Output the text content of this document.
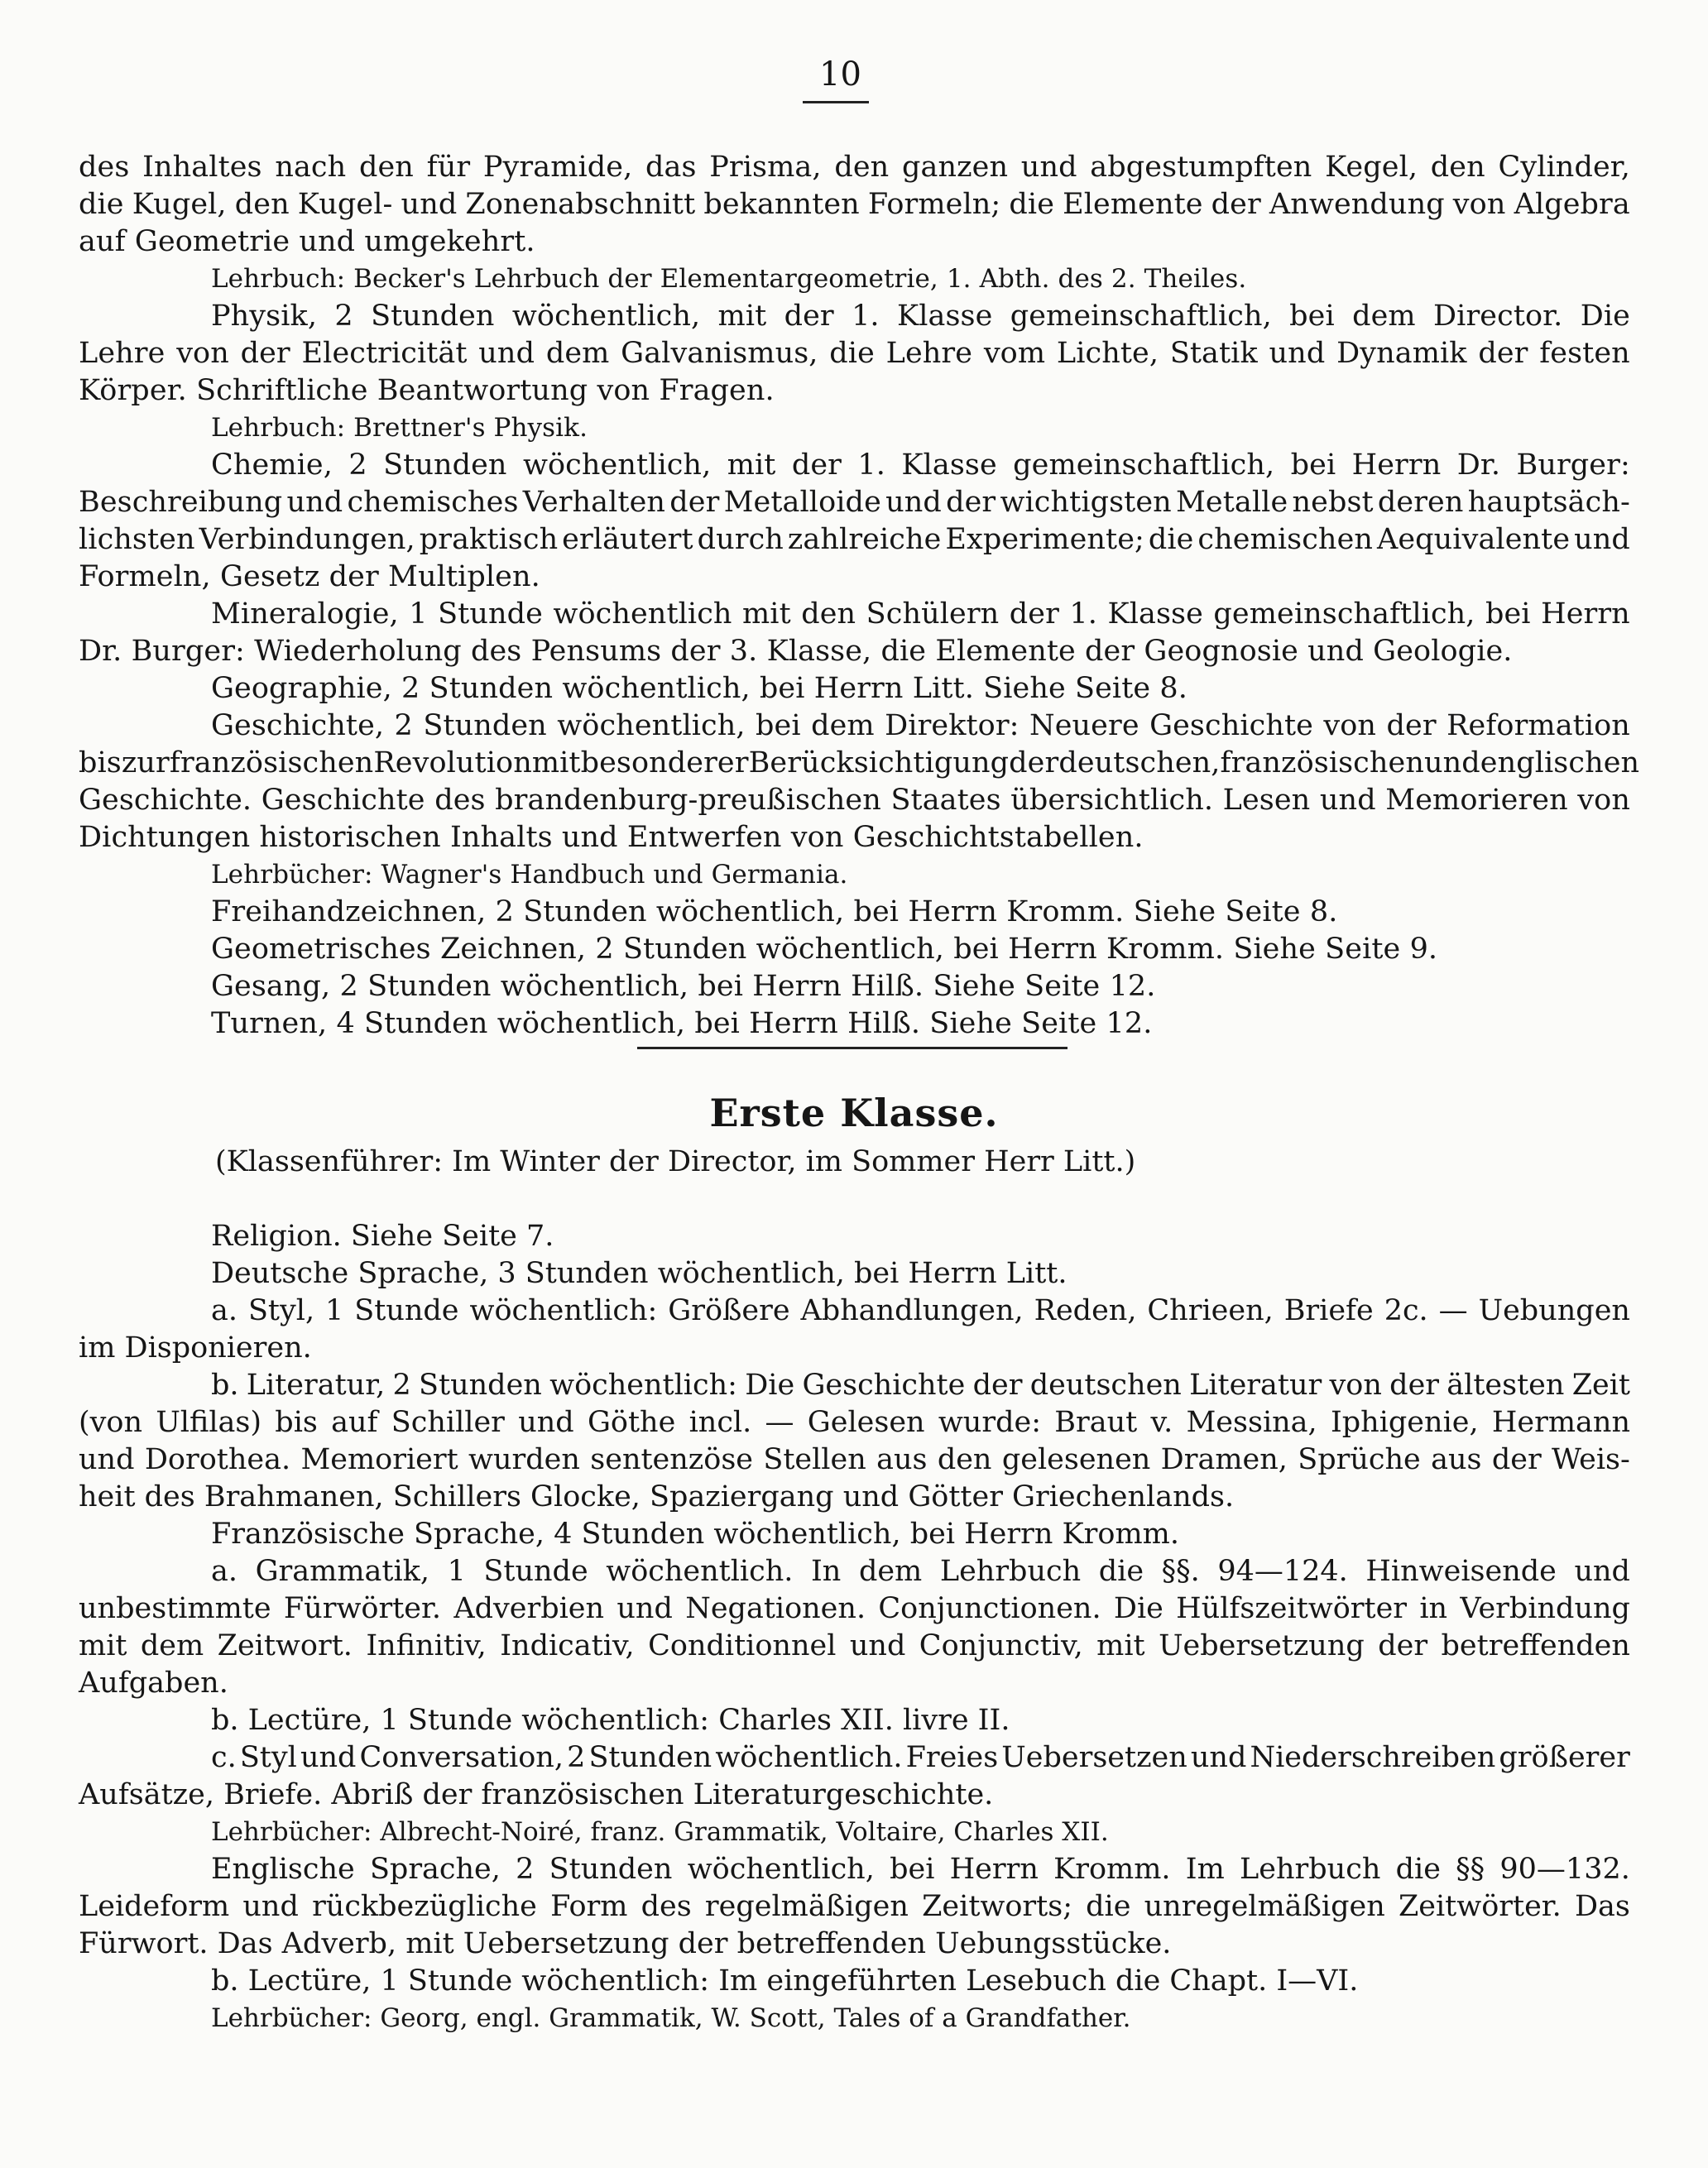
10
des Inhaltes nach den für Pyramide, das Prisma, den ganzen und abgestumpften Kegel, den Cylinder,
die Kugel, den Kugel- und Zonenabschnitt bekannten Formeln; die Elemente der Anwendung von Algebra
auf Geometrie und umgekehrt.
Lehrbuch: Becker's Lehrbuch der Elementargeometrie, 1. Abth. des 2. Theiles.
Physik, 2 Stunden wöchentlich, mit der 1. Klasse gemeinschaftlich, bei dem Director. Die
Lehre von der Electricität und dem Galvanismus, die Lehre vom Lichte, Statik und Dynamik der festen
Körper. Schriftliche Beantwortung von Fragen.
Lehrbuch: Brettner's Physik.
Chemie, 2 Stunden wöchentlich, mit der 1. Klasse gemeinschaftlich, bei Herrn Dr. Burger:
Beschreibung und chemisches Verhalten der Metalloide und der wichtigsten Metalle nebst deren hauptsäch-
lichsten Verbindungen, praktisch erläutert durch zahlreiche Experimente; die chemischen Aequivalente und
Formeln, Gesetz der Multiplen.
Mineralogie, 1 Stunde wöchentlich mit den Schülern der 1. Klasse gemeinschaftlich, bei Herrn
Dr. Burger: Wiederholung des Pensums der 3. Klasse, die Elemente der Geognosie und Geologie.
Geographie, 2 Stunden wöchentlich, bei Herrn Litt. Siehe Seite 8.
Geschichte, 2 Stunden wöchentlich, bei dem Direktor: Neuere Geschichte von der Reformation
bis zur französischen Revolution mit besonderer Berücksichtigung der deutschen, französischen und englischen
Geschichte. Geschichte des brandenburg-preußischen Staates übersichtlich. Lesen und Memorieren von
Dichtungen historischen Inhalts und Entwerfen von Geschichtstabellen.
Lehrbücher: Wagner's Handbuch und Germania.
Freihandzeichnen, 2 Stunden wöchentlich, bei Herrn Kromm. Siehe Seite 8.
Geometrisches Zeichnen, 2 Stunden wöchentlich, bei Herrn Kromm. Siehe Seite 9.
Gesang, 2 Stunden wöchentlich, bei Herrn Hilß. Siehe Seite 12.
Turnen, 4 Stunden wöchentlich, bei Herrn Hilß. Siehe Seite 12.
Erste Klasse.
(Klassenführer: Im Winter der Director, im Sommer Herr Litt.)
Religion. Siehe Seite 7.
Deutsche Sprache, 3 Stunden wöchentlich, bei Herrn Litt.
a. Styl, 1 Stunde wöchentlich: Größere Abhandlungen, Reden, Chrieen, Briefe 2c. — Uebungen
im Disponieren.
b. Literatur, 2 Stunden wöchentlich: Die Geschichte der deutschen Literatur von der ältesten Zeit
(von Ulfilas) bis auf Schiller und Göthe incl. — Gelesen wurde: Braut v. Messina, Iphigenie, Hermann
und Dorothea. Memoriert wurden sentenzöse Stellen aus den gelesenen Dramen, Sprüche aus der Weis-
heit des Brahmanen, Schillers Glocke, Spaziergang und Götter Griechenlands.
Französische Sprache, 4 Stunden wöchentlich, bei Herrn Kromm.
a. Grammatik, 1 Stunde wöchentlich. In dem Lehrbuch die §§. 94—124. Hinweisende und
unbestimmte Fürwörter. Adverbien und Negationen. Conjunctionen. Die Hülfszeitwörter in Verbindung
mit dem Zeitwort. Infinitiv, Indicativ, Conditionnel und Conjunctiv, mit Uebersetzung der betreffenden
Aufgaben.
b. Lectüre, 1 Stunde wöchentlich: Charles XII. livre II.
c. Styl und Conversation, 2 Stunden wöchentlich. Freies Uebersetzen und Niederschreiben größerer
Aufsätze, Briefe. Abriß der französischen Literaturgeschichte.
Lehrbücher: Albrecht-Noiré, franz. Grammatik, Voltaire, Charles XII.
Englische Sprache, 2 Stunden wöchentlich, bei Herrn Kromm. Im Lehrbuch die §§ 90—132.
Leideform und rückbezügliche Form des regelmäßigen Zeitworts; die unregelmäßigen Zeitwörter. Das
Fürwort. Das Adverb, mit Uebersetzung der betreffenden Uebungsstücke.
b. Lectüre, 1 Stunde wöchentlich: Im eingeführten Lesebuch die Chapt. I—VI.
Lehrbücher: Georg, engl. Grammatik, W. Scott, Tales of a Grandfather.
